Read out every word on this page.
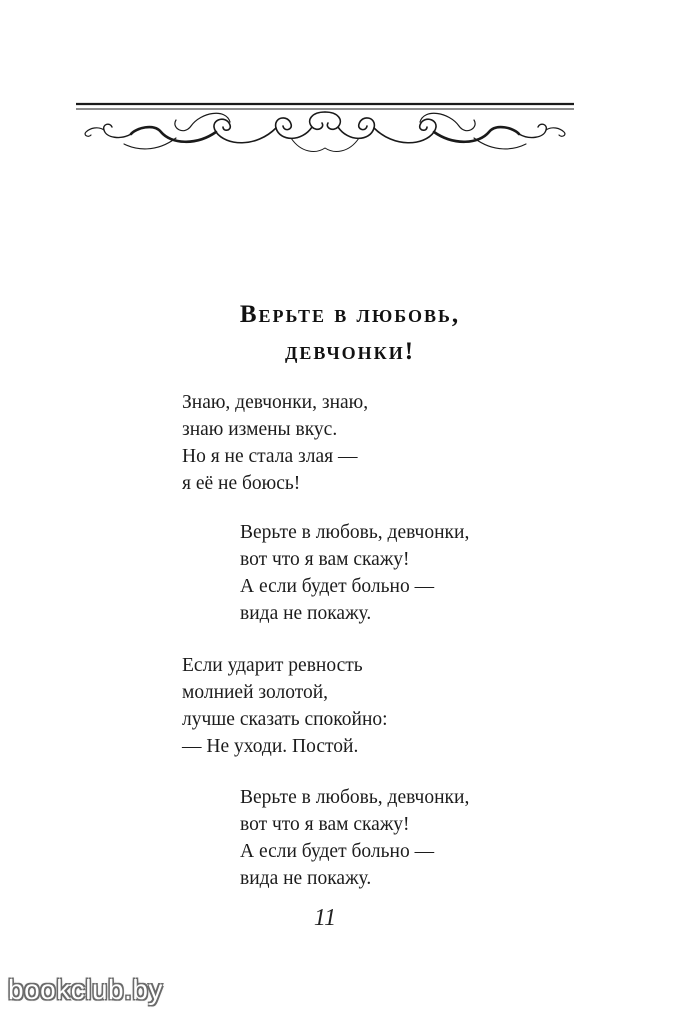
Верьте в любовь,
девчонки!
Знаю, девчонки, знаю,
знаю измены вкус.
Но я не стала злая —
я её не боюсь!
Верьте в любовь, девчонки,
вот что я вам скажу!
А если будет больно —
вида не покажу.
Если ударит ревность
молнией золотой,
лучше сказать спокойно:
— Не уходи. Постой.
Верьте в любовь, девчонки,
вот что я вам скажу!
А если будет больно —
вида не покажу.
11
bookclub.by
